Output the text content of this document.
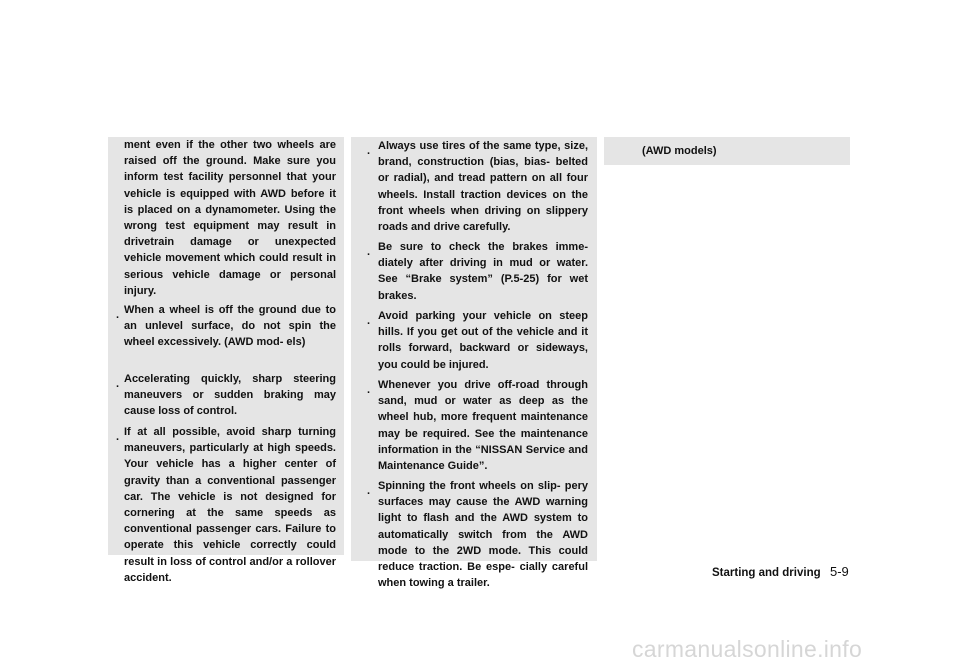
ment even if the other two wheels are raised off the ground. Make sure you inform test facility personnel that your vehicle is equipped with AWD before it is placed on a dynamometer. Using the wrong test equipment may result in drivetrain damage or unexpected vehicle movement which could result in serious vehicle damage or personal injury.

. When a wheel is off the ground due to an unlevel surface, do not spin the wheel excessively. (AWD mod- els)

. Accelerating quickly, sharp steering maneuvers or sudden braking may cause loss of control.

. If at all possible, avoid sharp turning maneuvers, particularly at high speeds. Your vehicle has a higher center of gravity than a conventional passenger car. The vehicle is not designed for cornering at the same speeds as conventional passenger cars. Failure to operate this vehicle correctly could result in loss of control and/or a rollover accident.

. Always use tires of the same type, size, brand, construction (bias, bias- belted or radial), and tread pattern on all four wheels. Install traction devices on the front wheels when driving on slippery roads and drive carefully.

. Be sure to check the brakes imme- diately after driving in mud or water. See “Brake system” (P.5-25) for wet brakes.

. Avoid parking your vehicle on steep hills. If you get out of the vehicle and it rolls forward, backward or sideways, you could be injured.

. Whenever you drive off-road through sand, mud or water as deep as the wheel hub, more frequent maintenance may be required. See the maintenance information in the “NISSAN Service and Maintenance Guide”.

. Spinning the front wheels on slip- pery surfaces may cause the AWD warning light to flash and the AWD system to automatically switch from the AWD mode to the 2WD mode. This could reduce traction. Be espe- cially careful when towing a trailer.

(AWD models)

Starting and driving 5-9
carmanualsonline.info
